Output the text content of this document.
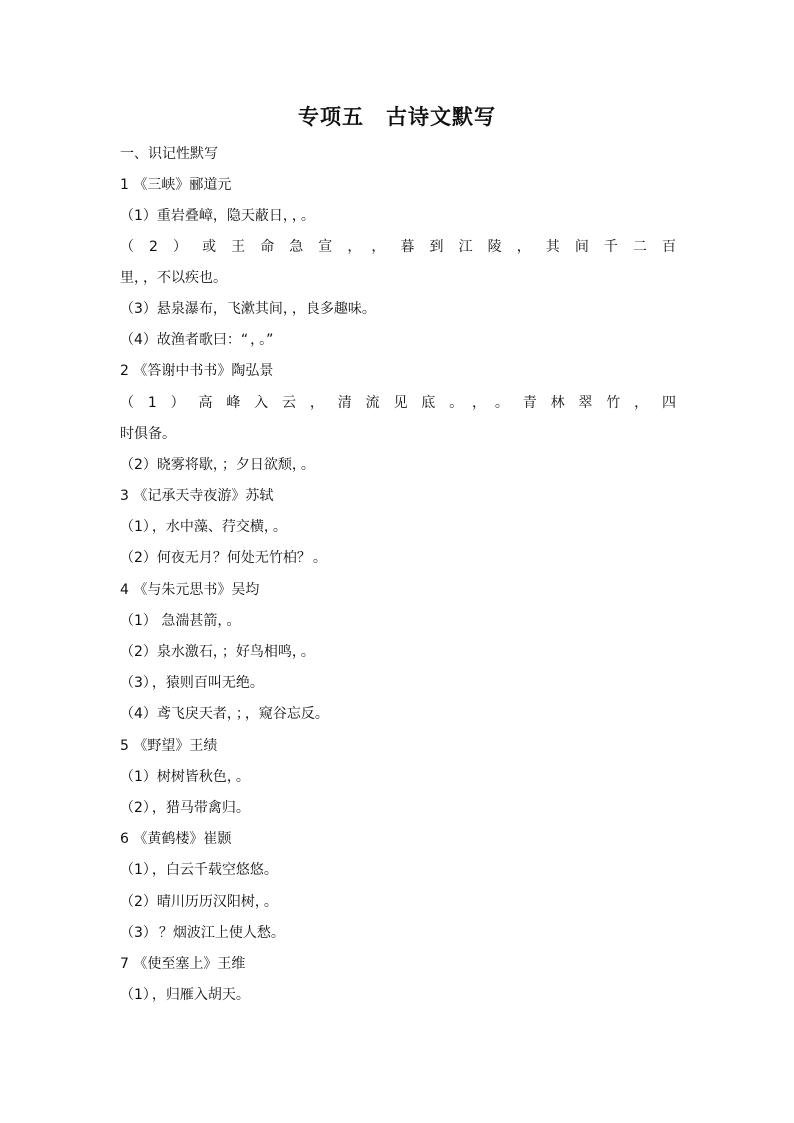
专项五　古诗文默写
一、识记性默写
1 《三峡》郦道元
（1）重岩叠嶂，隐天蔽日， ， 。
（2）或王命急宣， ，暮到江陵，其间千二百
里， ，不以疾也。
（3）悬泉瀑布，飞漱其间， ，良多趣味。
（4）故渔者歌曰：“ ， 。”
2 《答谢中书书》陶弘景
（1）高峰入云，清流见底。 ， 。青林翠竹，四
时俱备。
（2）晓雾将歇， ；夕日欲颓， 。
3 《记承天寺夜游》苏轼
（1） ，水中藻、荇交横， 。
（2）何夜无月？何处无竹柏？ 。
4 《与朱元思书》吴均
（1） 急湍甚箭， 。
（2）泉水激石， ；好鸟相鸣， 。
（3） ，猿则百叫无绝。
（4）鸢飞戾天者， ； ，窥谷忘反。
5 《野望》王绩
（1）树树皆秋色， 。
（2） ，猎马带禽归。
6 《黄鹤楼》崔颢
（1） ，白云千载空悠悠。
（2）晴川历历汉阳树， 。
（3） ？烟波江上使人愁。
7 《使至塞上》王维
（1） ，归雁入胡天。
